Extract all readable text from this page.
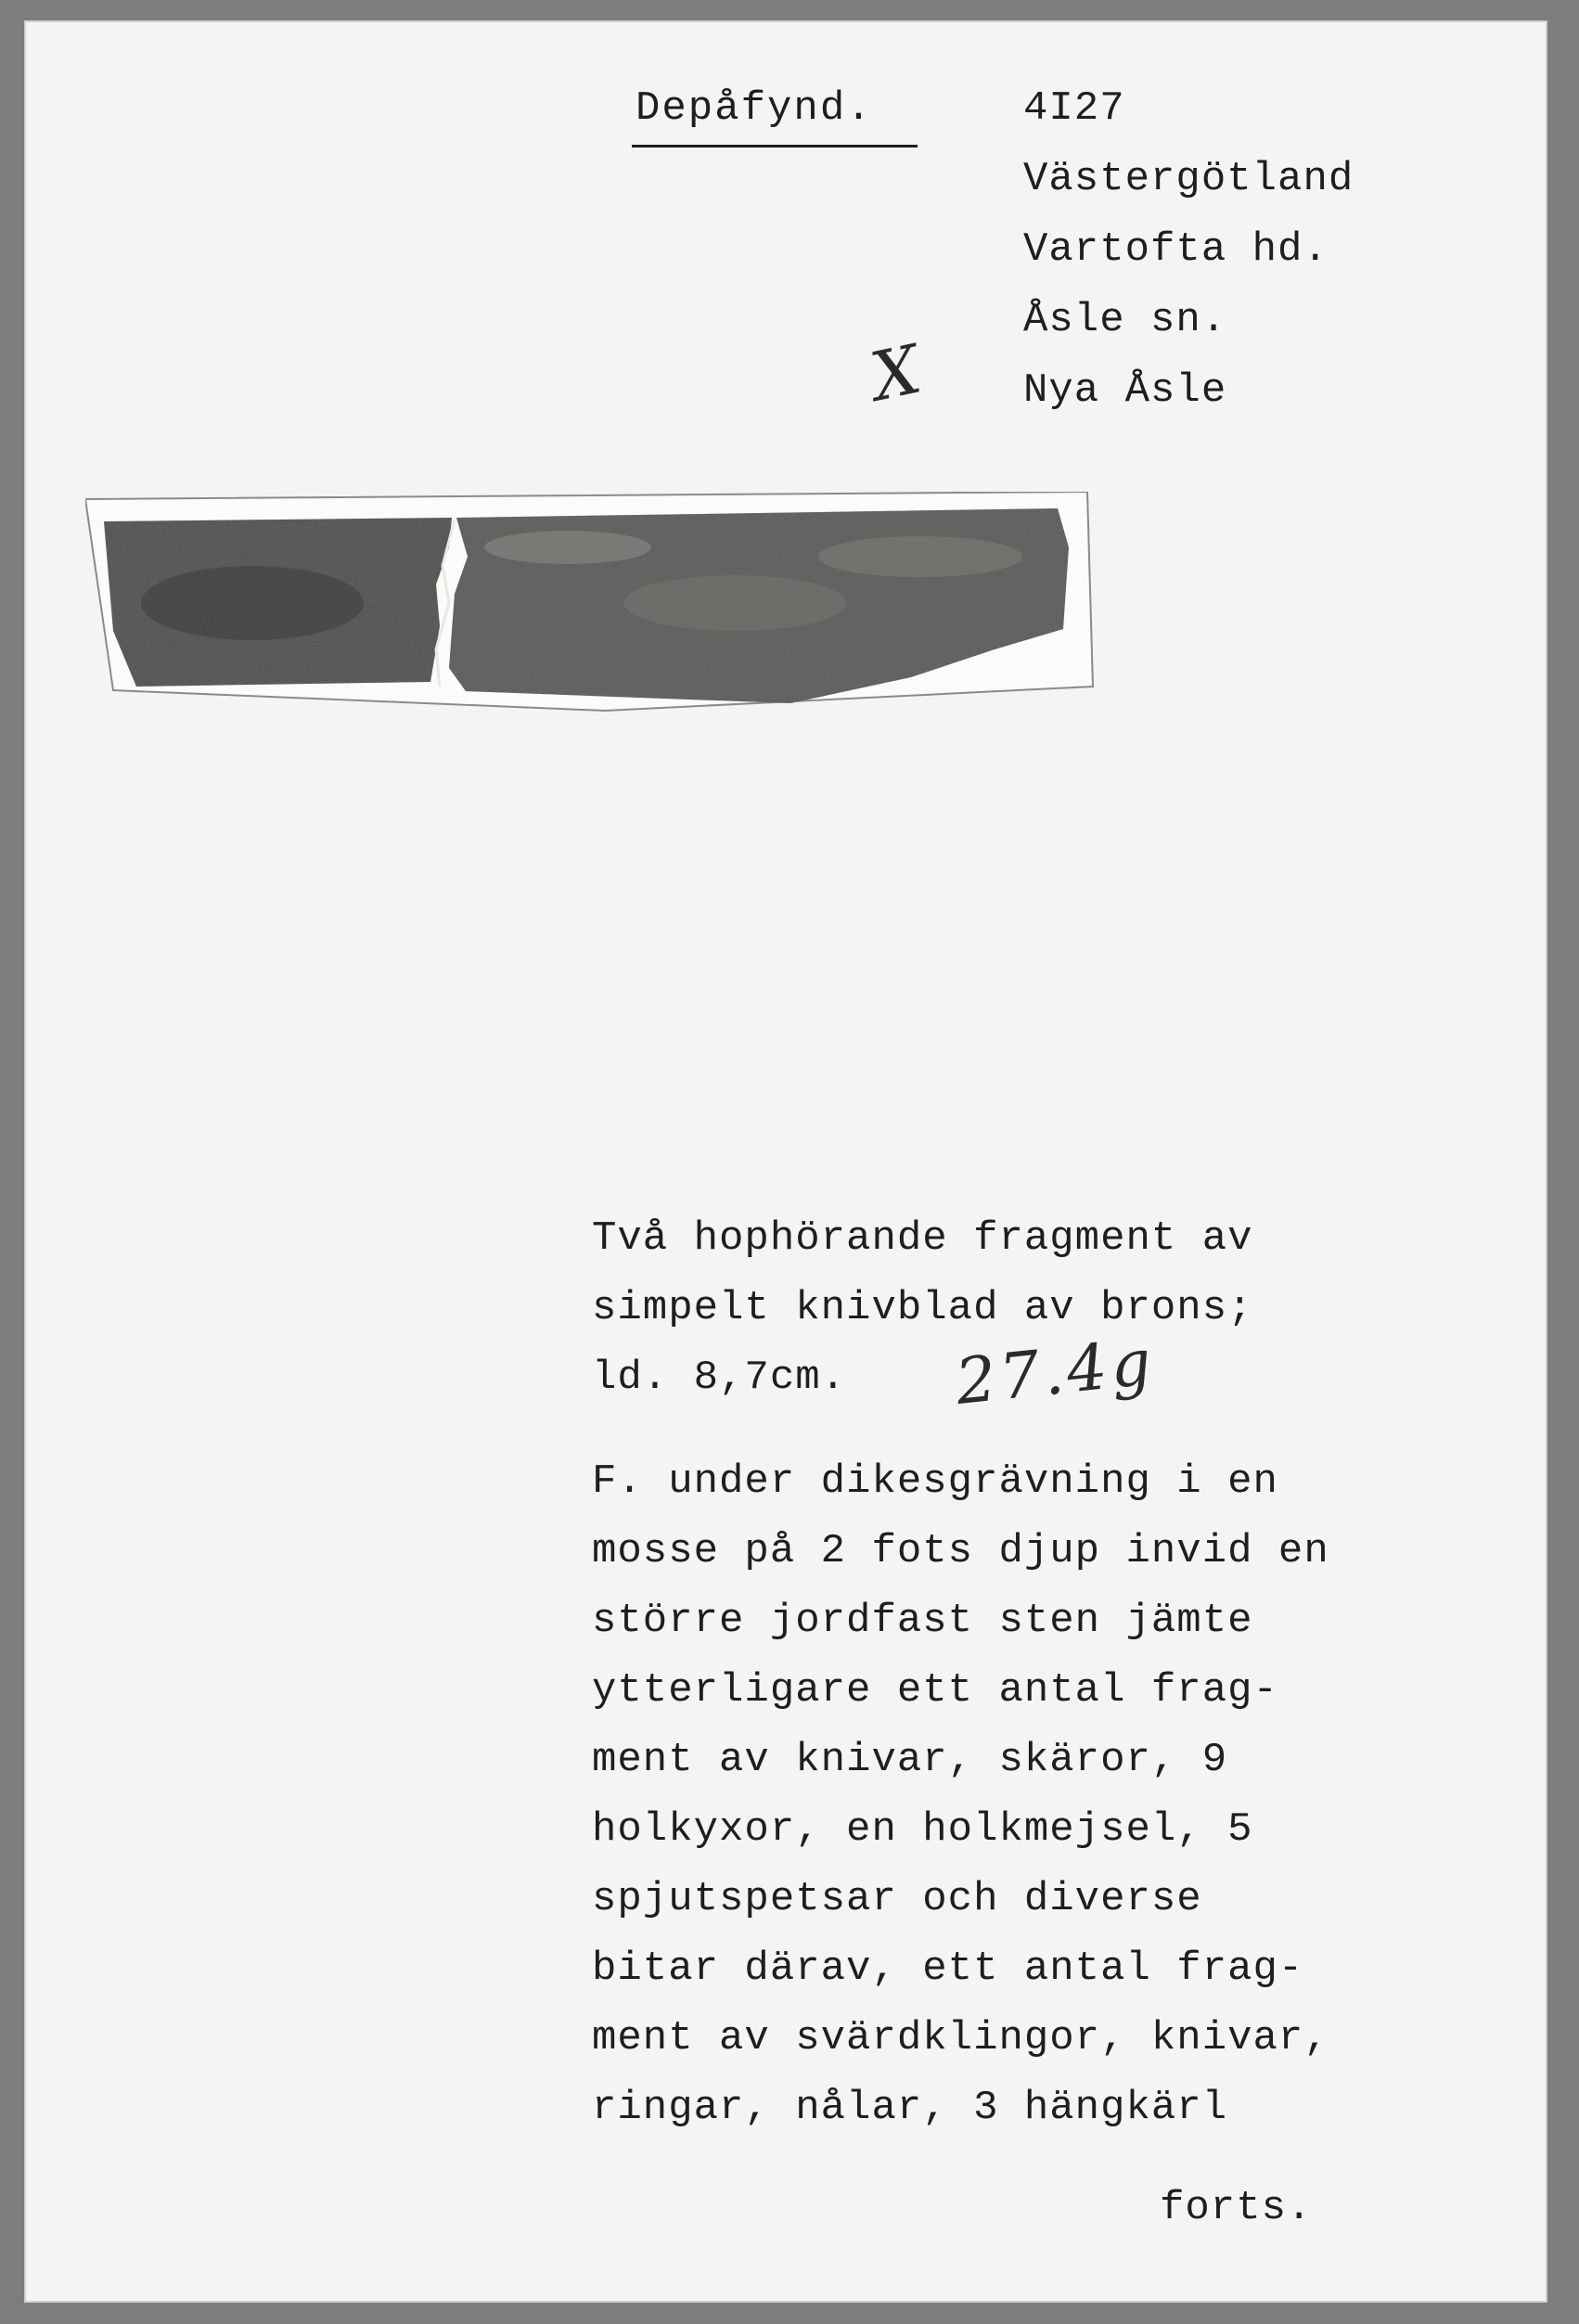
Depåfynd.	4I27
Västergötland
Vartofta hd.
Åsle sn.
Nya Åsle
X
Två hophörande fragment av
simpelt knivblad av brons;
ld. 8,7cm. 27.4g
F. under dikesgrävning i en
mosse på 2 fots djup invid en
större jordfast sten jämte
ytterligare ett antal frag-
ment av knivar, skäror, 9
holkyxor, en holkmejsel, 5
spjutspetsar och diverse
bitar därav, ett antal frag-
ment av svärdklingor, knivar,
ringar, nålar, 3 hängkärl
forts.
